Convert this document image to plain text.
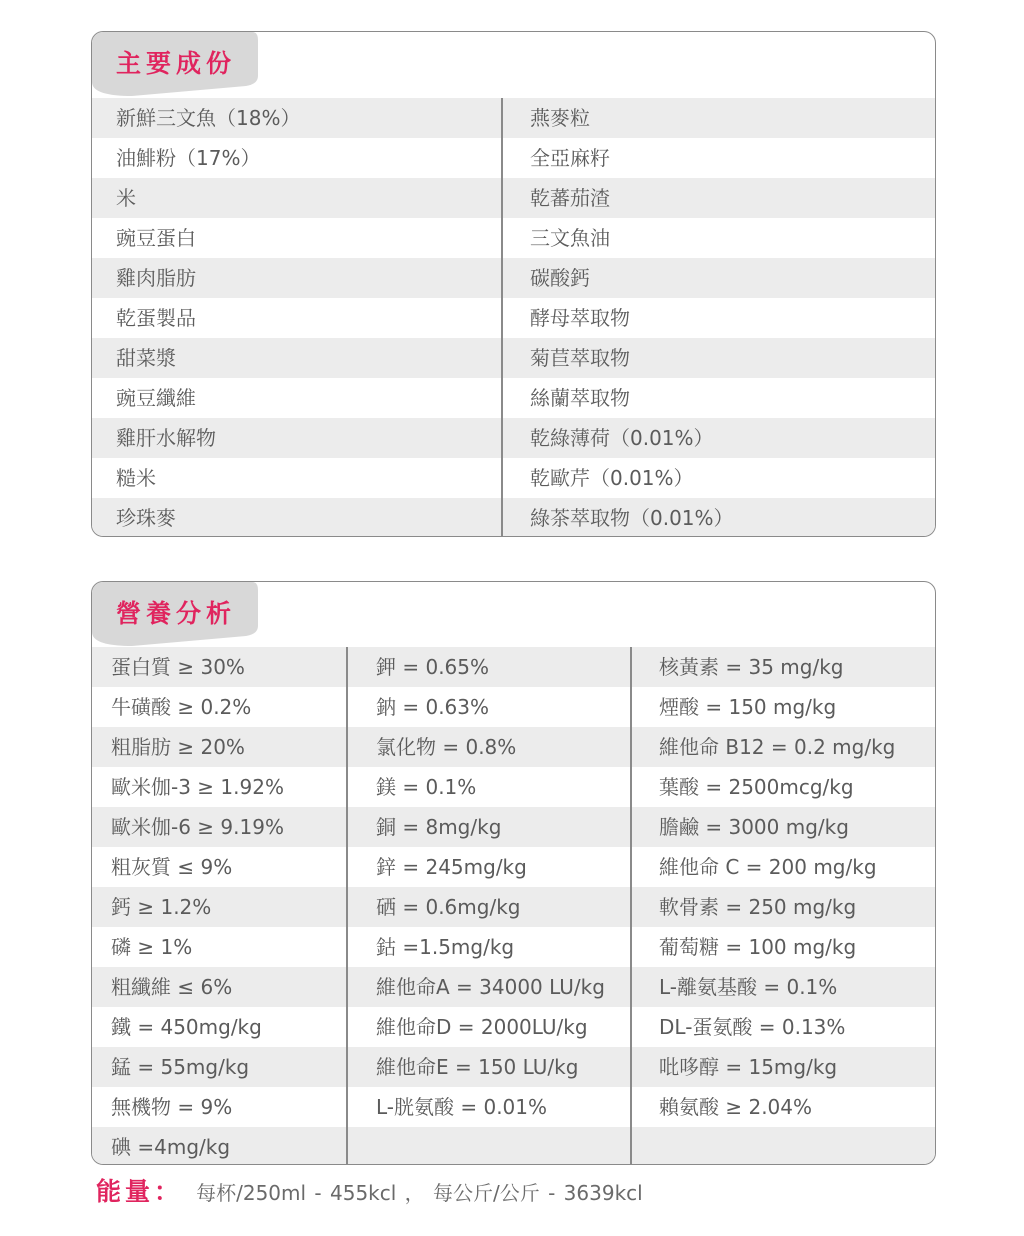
主要成份
新鮮三文魚（18%）	燕麥粒
油鯡粉（17%）	全亞麻籽
米	乾蕃茄渣
豌豆蛋白	三文魚油
雞肉脂肪	碳酸鈣
乾蛋製品	酵母萃取物
甜菜漿	菊苣萃取物
豌豆纖維	絲蘭萃取物
雞肝水解物	乾綠薄荷（0.01%）
糙米	乾歐芹（0.01%）
珍珠麥	綠茶萃取物（0.01%）
營養分析
蛋白質 ≥ 30%	鉀 = 0.65%	核黃素 = 35 mg/kg
牛磺酸 ≥ 0.2%	鈉 = 0.63%	煙酸 = 150 mg/kg
粗脂肪 ≥ 20%	氯化物 = 0.8%	維他命 B12 = 0.2 mg/kg
歐米伽-3 ≥ 1.92%	鎂 = 0.1%	葉酸 = 2500mcg/kg
歐米伽-6 ≥ 9.19%	銅 = 8mg/kg	膽鹼 = 3000 mg/kg
粗灰質 ≤ 9%	鋅 = 245mg/kg	維他命 C = 200 mg/kg
鈣 ≥ 1.2%	硒 = 0.6mg/kg	軟骨素 = 250 mg/kg
磷 ≥ 1%	鈷 =1.5mg/kg	葡萄糖 = 100 mg/kg
粗纖維 ≤ 6%	維他命A = 34000 LU/kg	L-離氨基酸 = 0.1%
鐵 = 450mg/kg	維他命D = 2000LU/kg	DL-蛋氨酸 = 0.13%
錳 = 55mg/kg	維他命E = 150 LU/kg	吡哆醇 = 15mg/kg
無機物 = 9%	L-胱氨酸 = 0.01%	賴氨酸 ≥ 2.04%
碘 =4mg/kg
能量： 每杯/250ml - 455kcl ， 每公斤/公斤 - 3639kcl
